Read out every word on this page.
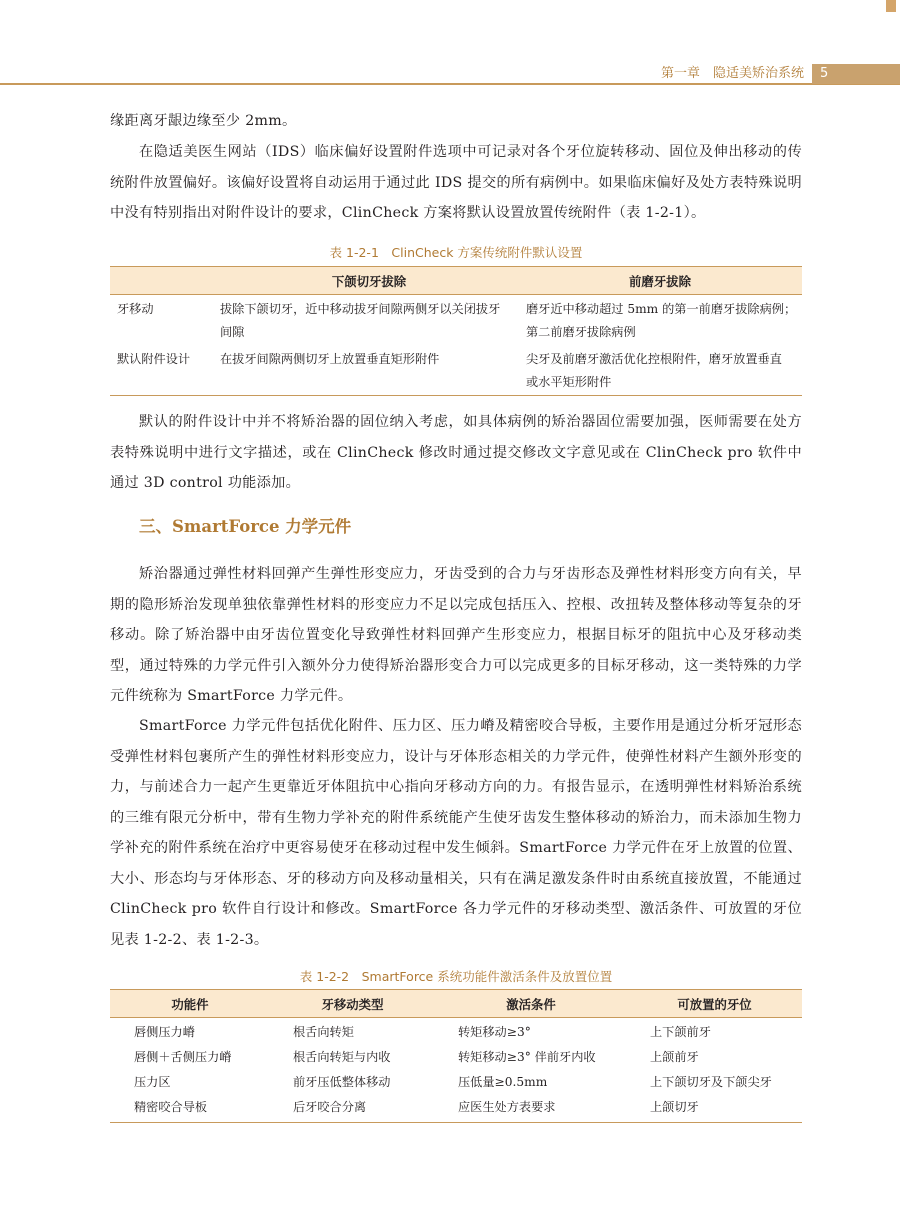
第一章　隐适美矫治系统	5

缘距离牙龈边缘至少 2mm。

在隐适美医生网站（IDS）临床偏好设置附件选项中可记录对各个牙位旋转移动、固位及伸出移动的传统附件放置偏好。该偏好设置将自动运用于通过此 IDS 提交的所有病例中。如果临床偏好及处方表特殊说明中没有特别指出对附件设计的要求，ClinCheck 方案将默认设置放置传统附件（表 1-2-1）。

表 1-2-1　ClinCheck 方案传统附件默认设置
	下颌切牙拔除	前磨牙拔除
牙移动	拔除下颌切牙，近中移动拔牙间隙两侧牙以关闭拔牙间隙	磨牙近中移动超过 5mm 的第一前磨牙拔除病例；第二前磨牙拔除病例
默认附件设计	在拔牙间隙两侧切牙上放置垂直矩形附件	尖牙及前磨牙激活优化控根附件，磨牙放置垂直或水平矩形附件

默认的附件设计中并不将矫治器的固位纳入考虑，如具体病例的矫治器固位需要加强，医师需要在处方表特殊说明中进行文字描述，或在 ClinCheck 修改时通过提交修改文字意见或在 ClinCheck pro 软件中通过 3D control 功能添加。

三、SmartForce 力学元件

矫治器通过弹性材料回弹产生弹性形变应力，牙齿受到的合力与牙齿形态及弹性材料形变方向有关，早期的隐形矫治发现单独依靠弹性材料的形变应力不足以完成包括压入、控根、改扭转及整体移动等复杂的牙移动。除了矫治器中由牙齿位置变化导致弹性材料回弹产生形变应力，根据目标牙的阻抗中心及牙移动类型，通过特殊的力学元件引入额外分力使得矫治器形变合力可以完成更多的目标牙移动，这一类特殊的力学元件统称为 SmartForce 力学元件。

SmartForce 力学元件包括优化附件、压力区、压力嵴及精密咬合导板，主要作用是通过分析牙冠形态受弹性材料包裹所产生的弹性材料形变应力，设计与牙体形态相关的力学元件，使弹性材料产生额外形变的力，与前述合力一起产生更靠近牙体阻抗中心指向牙移动方向的力。有报告显示，在透明弹性材料矫治系统的三维有限元分析中，带有生物力学补充的附件系统能产生使牙齿发生整体移动的矫治力，而未添加生物力学补充的附件系统在治疗中更容易使牙在移动过程中发生倾斜。SmartForce 力学元件在牙上放置的位置、大小、形态均与牙体形态、牙的移动方向及移动量相关，只有在满足激发条件时由系统直接放置，不能通过 ClinCheck pro 软件自行设计和修改。SmartForce 各力学元件的牙移动类型、激活条件、可放置的牙位见表 1-2-2、表 1-2-3。

表 1-2-2　SmartForce 系统功能件激活条件及放置位置
功能件	牙移动类型	激活条件	可放置的牙位
唇侧压力嵴	根舌向转矩	转矩移动≥3°	上下颌前牙
唇侧＋舌侧压力嵴	根舌向转矩与内收	转矩移动≥3° 伴前牙内收	上颌前牙
压力区	前牙压低整体移动	压低量≥0.5mm	上下颌切牙及下颌尖牙
精密咬合导板	后牙咬合分离	应医生处方表要求	上颌切牙
